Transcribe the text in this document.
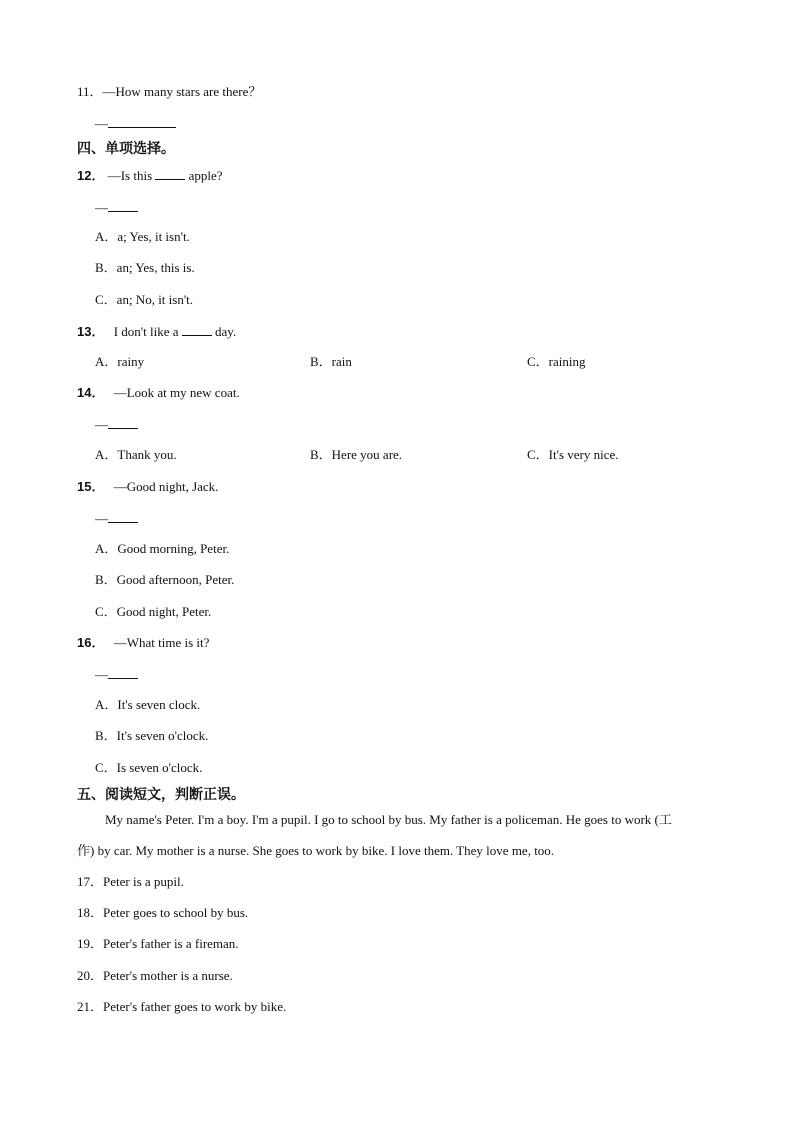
11．—How many stars are there？
—
四、单项选择。
12． —Is this	apple?
—
A．a; Yes, it isn't.
B．an; Yes, this is.
C．an; No, it isn't.
13． I don't like a	day.
A．rainy	B．rain	C．raining
14． —Look at my new coat.
—
A．Thank you.	B．Here you are.	C．It's very nice.
15． —Good night, Jack.
—
A．Good morning, Peter.
B．Good afternoon, Peter.
C．Good night, Peter.
16． —What time is it?
—
A．It's seven clock.
B．It's seven o'clock.
C．Is seven o'clock.
五、阅读短文，判断正误。
My name's Peter. I'm a boy. I'm a pupil. I go to school by bus. My father is a policeman. He goes to work (工
作) by car. My mother is a nurse. She goes to work by bike. I love them. They love me, too.
17．Peter is a pupil.
18．Peter goes to school by bus.
19．Peter's father is a fireman.
20．Peter's mother is a nurse.
21．Peter's father goes to work by bike.
